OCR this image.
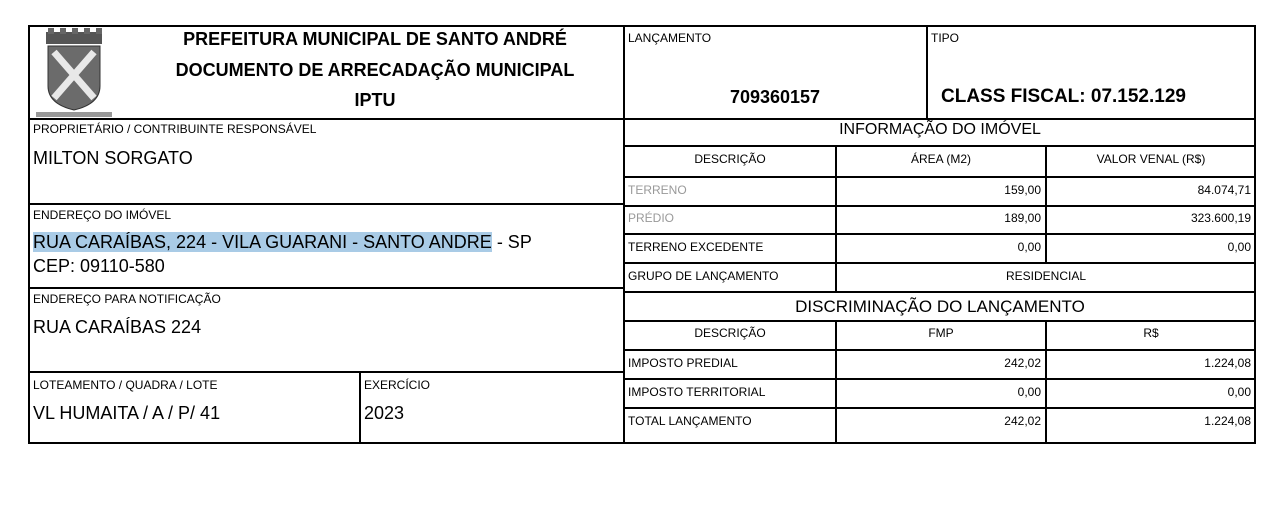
PREFEITURA MUNICIPAL DE SANTO ANDRÉ
DOCUMENTO DE ARRECADAÇÃO MUNICIPAL
IPTU
PROPRIETÁRIO / CONTRIBUINTE RESPONSÁVEL
MILTON SORGATO
ENDEREÇO DO IMÓVEL
RUA CARAÍBAS, 224 - VILA GUARANI - SANTO ANDRE - SP
CEP: 09110-580
ENDEREÇO PARA NOTIFICAÇÃO
RUA CARAÍBAS 224
LOTEAMENTO / QUADRA / LOTE
VL HUMAITA / A / P/ 41
EXERCÍCIO
2023
LANÇAMENTO
709360157
TIPO
CLASS FISCAL: 07.152.129
INFORMAÇÃO DO IMÓVEL
DESCRIÇÃO	ÁREA (M2)	VALOR VENAL (R$)
TERRENO	159,00	84.074,71
PRÉDIO	189,00	323.600,19
TERRENO EXCEDENTE	0,00	0,00
GRUPO DE LANÇAMENTO	RESIDENCIAL
DISCRIMINAÇÃO DO LANÇAMENTO
DESCRIÇÃO	FMP	R$
IMPOSTO PREDIAL	242,02	1.224,08
IMPOSTO TERRITORIAL	0,00	0,00
TOTAL LANÇAMENTO	242,02	1.224,08
